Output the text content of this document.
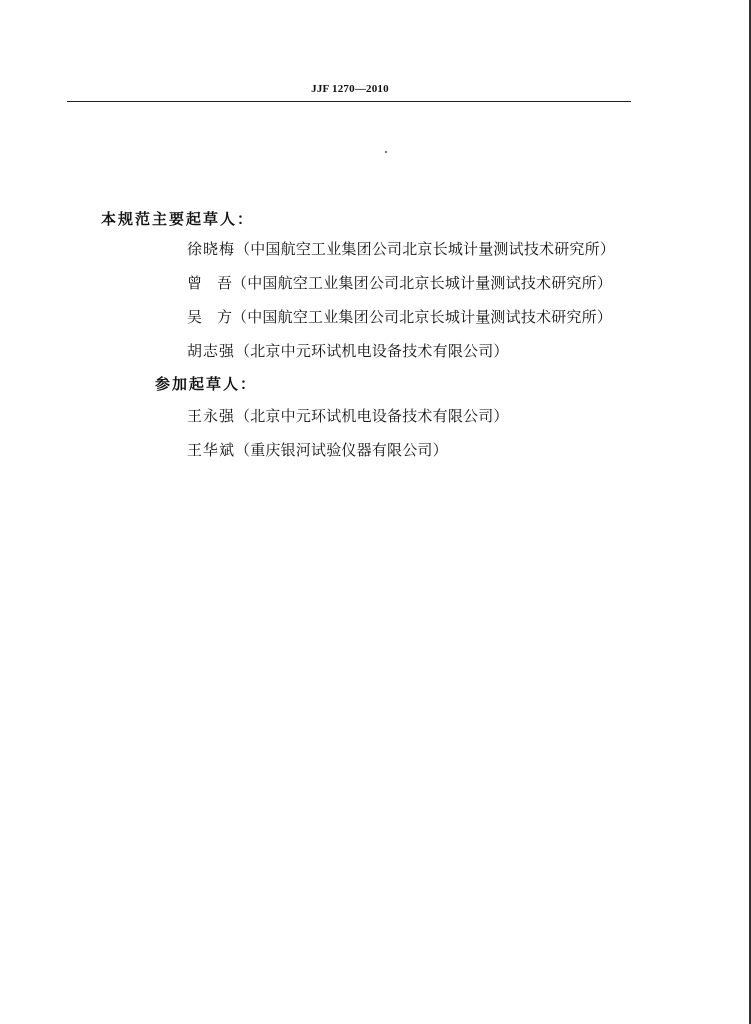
JJF 1270—2010
本规范主要起草人：
徐晓梅（中国航空工业集团公司北京长城计量测试技术研究所）
曾　吾（中国航空工业集团公司北京长城计量测试技术研究所）
吴　方（中国航空工业集团公司北京长城计量测试技术研究所）
胡志强（北京中元环试机电设备技术有限公司）
参加起草人：
王永强（北京中元环试机电设备技术有限公司）
王华斌（重庆银河试验仪器有限公司）
